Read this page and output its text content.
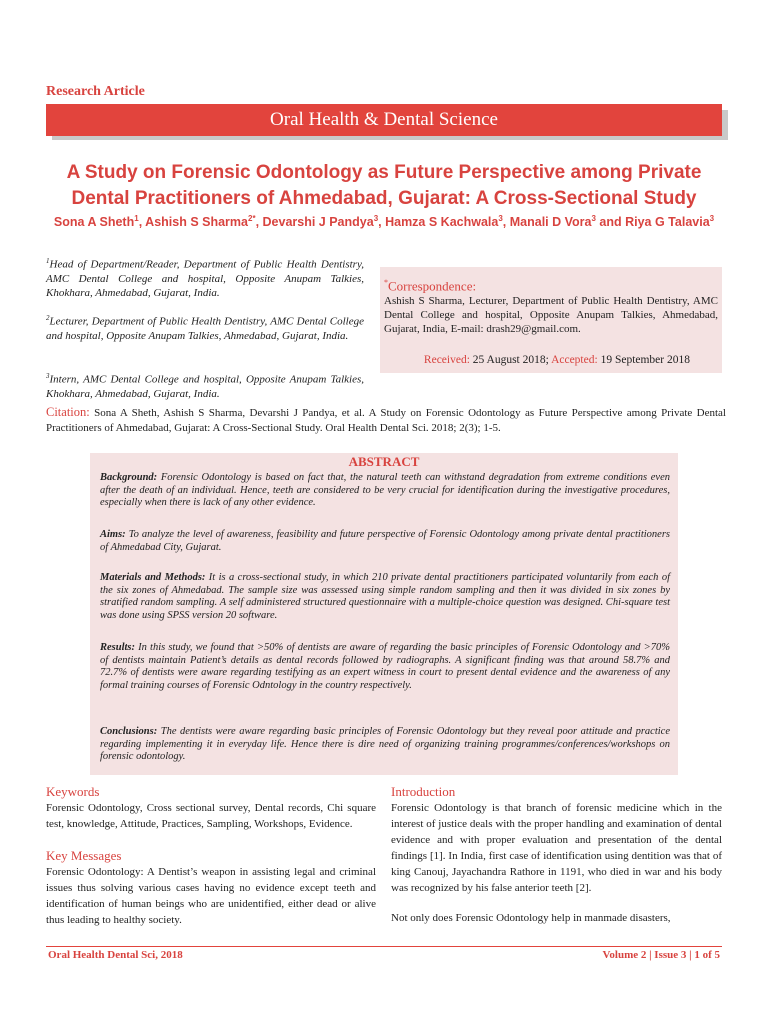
Research Article
Oral Health & Dental Science
A Study on Forensic Odontology as Future Perspective among Private
Dental Practitioners of Ahmedabad, Gujarat: A Cross-Sectional Study
Sona A Sheth$^1$, Ashish S Sharma$^{2*}$, Devarshi J Pandya$^3$, Hamza S Kachwala$^3$, Manali D Vora$^3$ and Riya G Talavia$^3$
$^1$Head of Department/Reader, Department of Public Health Dentistry, AMC Dental College and hospital, Opposite Anupam Talkies, Khokhara, Ahmedabad, Gujarat, India.
$^2$Lecturer, Department of Public Health Dentistry, AMC Dental College and hospital, Opposite Anupam Talkies, Ahmedabad, Gujarat, India.
$^3$Intern, AMC Dental College and hospital, Opposite Anupam Talkies, Khokhara, Ahmedabad, Gujarat, India.
*Correspondence:
Ashish S Sharma, Lecturer, Department of Public Health Dentistry, AMC Dental College and hospital, Opposite Anupam Talkies, Ahmedabad, Gujarat, India, E-mail: drash29@gmail.com.
Received: 25 August 2018; Accepted: 19 September 2018
Citation: Sona A Sheth, Ashish S Sharma, Devarshi J Pandya, et al. A Study on Forensic Odontology as Future Perspective among Private Dental Practitioners of Ahmedabad, Gujarat: A Cross-Sectional Study. Oral Health Dental Sci. 2018; 2(3); 1-5.
ABSTRACT
Background: Forensic Odontology is based on fact that, the natural teeth can withstand degradation from extreme conditions even after the death of an individual. Hence, teeth are considered to be very crucial for identification during the investigative procedures, especially when there is lack of any other evidence.
Aims: To analyze the level of awareness, feasibility and future perspective of Forensic Odontology among private dental practitioners of Ahmedabad City, Gujarat.
Materials and Methods: It is a cross-sectional study, in which 210 private dental practitioners participated voluntarily from each of the six zones of Ahmedabad. The sample size was assessed using simple random sampling and then it was divided in six zones by stratified random sampling. A self administered structured questionnaire with a multiple-choice question was designed. Chi-square test was done using SPSS version 20 software.
Results: In this study, we found that >50% of dentists are aware of regarding the basic principles of Forensic Odontology and >70% of dentists maintain Patient’s details as dental records followed by radiographs. A significant finding was that around 58.7% and 72.7% of dentists were aware regarding testifying as an expert witness in court to present dental evidence and the awareness of any formal training courses of Forensic Odntology in the country respectively.
Conclusions: The dentists were aware regarding basic principles of Forensic Odontology but they reveal poor attitude and practice regarding implementing it in everyday life. Hence there is dire need of organizing training programmes/conferences/workshops on forensic odontology.
Keywords
Forensic Odontology, Cross sectional survey, Dental records, Chi square test, knowledge, Attitude, Practices, Sampling, Workshops, Evidence.
Key Messages
Forensic Odontology: A Dentist’s weapon in assisting legal and criminal issues thus solving various cases having no evidence except teeth and identification of human beings who are unidentified, either dead or alive thus leading to healthy society.
Introduction
Forensic Odontology is that branch of forensic medicine which in the interest of justice deals with the proper handling and examination of dental evidence and with proper evaluation and presentation of the dental findings [1]. In India, first case of identification using dentition was that of king Canouj, Jayachandra Rathore in 1191, who died in war and his body was recognized by his false anterior teeth [2].
Not only does Forensic Odontology help in manmade disasters,
Oral Health Dental Sci, 2018	Volume 2 | Issue 3 | 1 of 5
